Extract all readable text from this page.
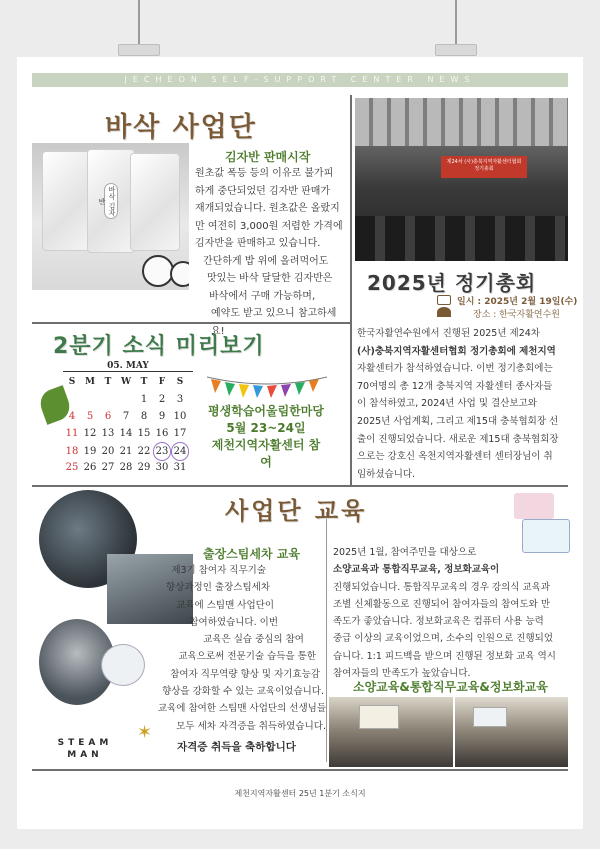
JECHEON SELF-SUPPORT CENTER NEWS
바삭 사업단
바삭 김자반
김자반 판매시작
원초값 폭등 등의 이유로 불가피
하게 중단되었던 김자반 판매가
재개되었습니다. 원초값은 올랐지
만 여전히 3,000원 저렴한 가격에
김자반을 판매하고 있습니다.
간단하게 밥 위에 올려먹어도
맛있는 바삭 달달한 김자반은
바삭에서 구매 가능하며,
예약도 받고 있으니 참고하세요!
제24차 (사)충북지역자활센터협회 정기총회
2025년 정기총회
일시 : 2025년 2월 19일(수)
장소 : 한국자활연수원
한국자활연수원에서 진행된 2025년 제24차
(사)충북지역자활센터협회 정기총회에 제천지역
자활센터가 참석하였습니다. 이번 정기총회에는
70여명의 총 12개 충북지역 자활센터 종사자들
이 참석하였고, 2024년 사업 및 결산보고와
2025년 사업계획, 그리고 제15대 충북협회장 선
출이 진행되었습니다. 새로운 제15대 충북협회장
으로는 강호신 옥천지역자활센터 센터장님이 취
임하셨습니다.
2분기 소식 미리보기
05. MAY
S M T W T F S
1 2 3
4 5 6 7 8 9 10
11 12 13 14 15 16 17
18 19 20 21 22 23 24
25 26 27 28 29 30 31
평생학습어울림한마당
5월 23~24일
제천지역자활센터 참여
사업단 교육
출장스팀세차 교육
제3기 참여자 직무기술
향상과정인 출장스팀세차
교육에 스팀맨 사업단이
참여하였습니다. 이번
교육은 실습 중심의 참여
교육으로써 전문기술 습득을 통한
참여자 직무역량 향상 및 자기효능감
향상을 강화할 수 있는 교육이었습니다.
교육에 참여한 스팀맨 사업단의 선생님들
모두 세차 자격증을 취득하였습니다.
STEAM
MAN
✶
자격증 취득을 축하합니다
2025년 1월, 참여주민을 대상으로
소양교육과 통합직무교육, 정보화교육이
진행되었습니다. 통합직무교육의 경우 강의식 교육과
조별 신체활동으로 진행되어 참여자들의 참여도와 만
족도가 좋았습니다. 정보화교육은 컴퓨터 사용 능력
중급 이상의 교육이었으며, 소수의 인원으로 진행되었
습니다. 1:1 피드백을 받으며 진행된 정보화 교육 역시
참여자들의 만족도가 높았습니다.
소양교육&통합직무교육&정보화교육
제천지역자활센터 25년 1분기 소식지
